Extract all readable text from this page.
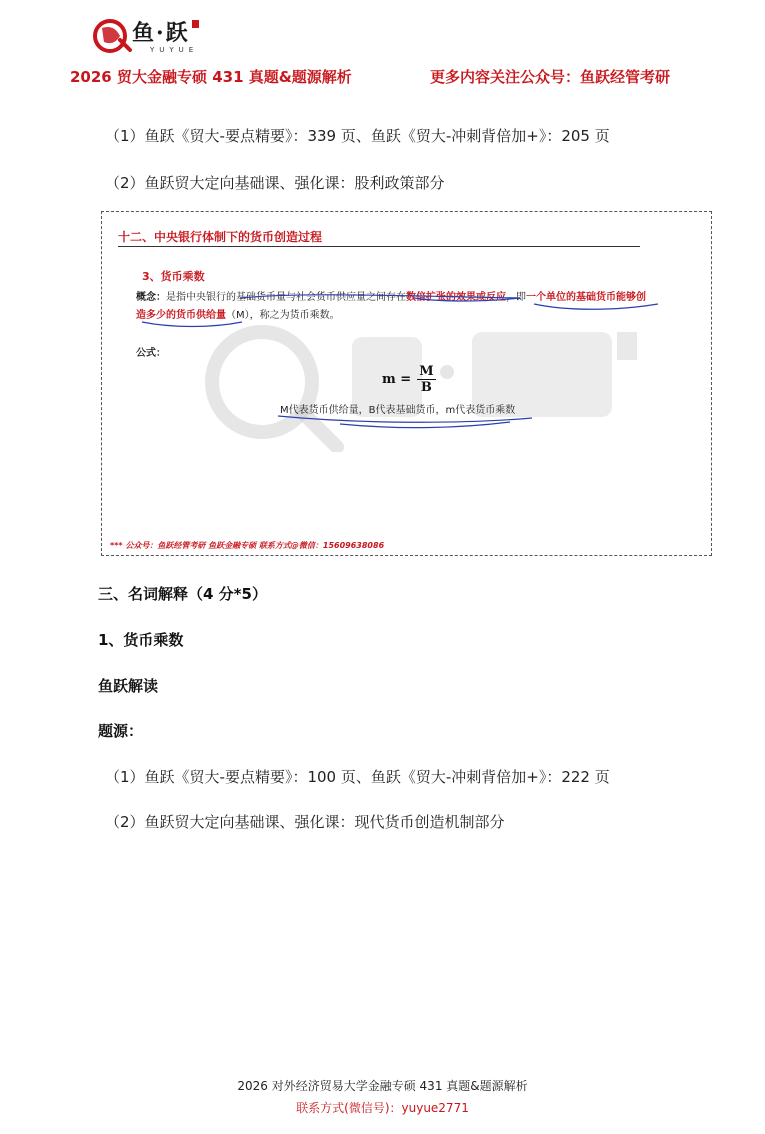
鱼·跃
YUYUE
2026 贸大金融专硕 431 真题&题源解析	更多内容关注公众号：鱼跃经管考研
（1）鱼跃《贸大-要点精要》：339 页、鱼跃《贸大-冲刺背倍加+》：205 页
（2）鱼跃贸大定向基础课、强化课：股利政策部分
十二、中央银行体制下的货币创造过程
3、货币乘数
概念：是指中央银行的基础货币量与社会货币供应量之间存在数倍扩张的效果或反应，即一个单位的基础货币能够创
造多少的货币供给量（M），称之为货币乘数。
公式：
$m = \frac{M}{B}$
M代表货币供给量，B代表基础货币，m代表货币乘数
*** 公众号：鱼跃经管考研 鱼跃金融专硕 联系方式@微信：15609638086
三、名词解释（4 分*5）
1、货币乘数
鱼跃解读
题源：
（1）鱼跃《贸大-要点精要》：100 页、鱼跃《贸大-冲刺背倍加+》：222 页
（2）鱼跃贸大定向基础课、强化课：现代货币创造机制部分
2026 对外经济贸易大学金融专硕 431 真题&题源解析
联系方式(微信号)：yuyue2771
